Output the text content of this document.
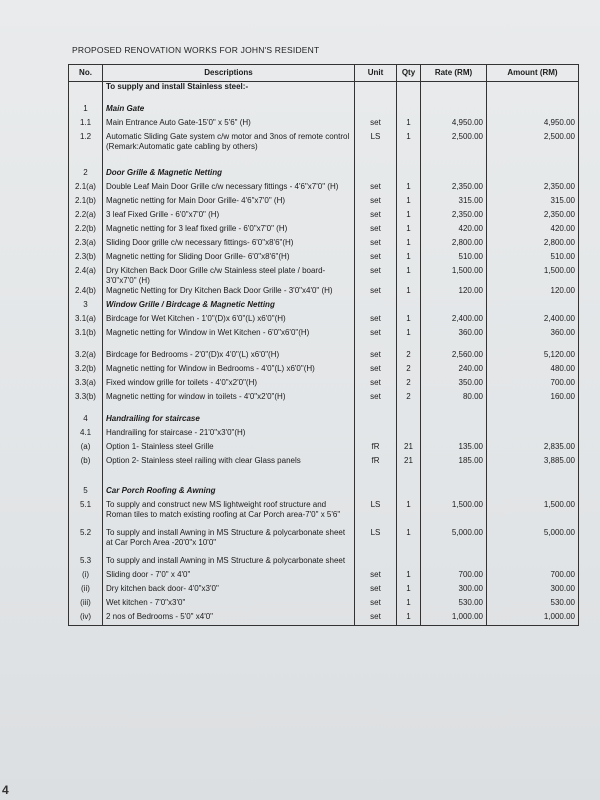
PROPOSED RENOVATION WORKS FOR JOHN'S RESIDENT
No.	Descriptions	Unit	Qty	Rate (RM)	Amount (RM)
	To supply and install Stainless steel:-				

1	Main Gate				
1.1	Main Entrance Auto Gate-15'0" x 5'6" (H)	set	1	4,950.00	4,950.00
1.2	Automatic Sliding Gate system c/w motor and 3nos of remote control (Remark:Automatic gate cabling by others)	LS	1	2,500.00	2,500.00

2	Door Grille & Magnetic Netting				
2.1(a)	Double Leaf Main Door Grille c/w necessary fittings - 4'6"x7'0" (H)	set	1	2,350.00	2,350.00
2.1(b)	Magnetic netting for Main Door Grille- 4'6"x7'0" (H)	set	1	315.00	315.00
2.2(a)	3 leaf Fixed Grille - 6'0"x7'0" (H)	set	1	2,350.00	2,350.00
2.2(b)	Magnetic netting for 3 leaf fixed grille - 6'0"x7'0" (H)	set	1	420.00	420.00
2.3(a)	Sliding Door grille c/w necessary fittings- 6'0"x8'6"(H)	set	1	2,800.00	2,800.00
2.3(b)	Magnetic netting for Sliding Door Grille- 6'0"x8'6"(H)	set	1	510.00	510.00
2.4(a)	Dry Kitchen Back Door Grille c/w Stainless steel plate / board- 3'0"x7'0" (H)	set	1	1,500.00	1,500.00
2.4(b)	Magnetic Netting for Dry Kitchen Back Door Grille - 3'0"x4'0" (H)	set	1	120.00	120.00
3	Window Grille / Birdcage & Magnetic Netting				
3.1(a)	Birdcage for Wet Kitchen - 1'0"(D)x 6'0"(L) x6'0"(H)	set	1	2,400.00	2,400.00
3.1(b)	Magnetic netting for Window in Wet Kitchen - 6'0"x6'0"(H)	set	1	360.00	360.00

3.2(a)	Birdcage for Bedrooms - 2'0"(D)x 4'0"(L) x6'0"(H)	set	2	2,560.00	5,120.00
3.2(b)	Magnetic netting for Window in Bedrooms - 4'0"(L) x6'0"(H)	set	2	240.00	480.00
3.3(a)	Fixed window grille for toilets - 4'0"x2'0"(H)	set	2	350.00	700.00
3.3(b)	Magnetic netting for window in toilets - 4'0"x2'0"(H)	set	2	80.00	160.00

4	Handrailing for staircase				
4.1	Handrailing for staircase - 21'0"x3'0"(H)				
(a)	Option 1- Stainless steel Grille	fR	21	135.00	2,835.00
(b)	Option 2- Stainless steel railing with clear Glass panels	fR	21	185.00	3,885.00

5	Car Porch Roofing & Awning				
5.1	To supply and construct new MS lightweight roof structure and Roman tiles to match existing roofing at Car Porch area-7'0" x 5'6"	LS	1	1,500.00	1,500.00

5.2	To supply and install Awning in MS Structure & polycarbonate sheet at Car Porch Area -20'0"x 10'0"	LS	1	5,000.00	5,000.00

5.3	To supply and install Awning in MS Structure & polycarbonate sheet				
(i)	Sliding door - 7'0" x 4'0"	set	1	700.00	700.00
(ii)	Dry kitchen back door- 4'0"x3'0"	set	1	300.00	300.00
(iii)	Wet kitchen - 7'0"x3'0"	set	1	530.00	530.00
(iv)	2 nos of Bedrooms - 5'0" x4'0"	set	1	1,000.00	1,000.00
4
